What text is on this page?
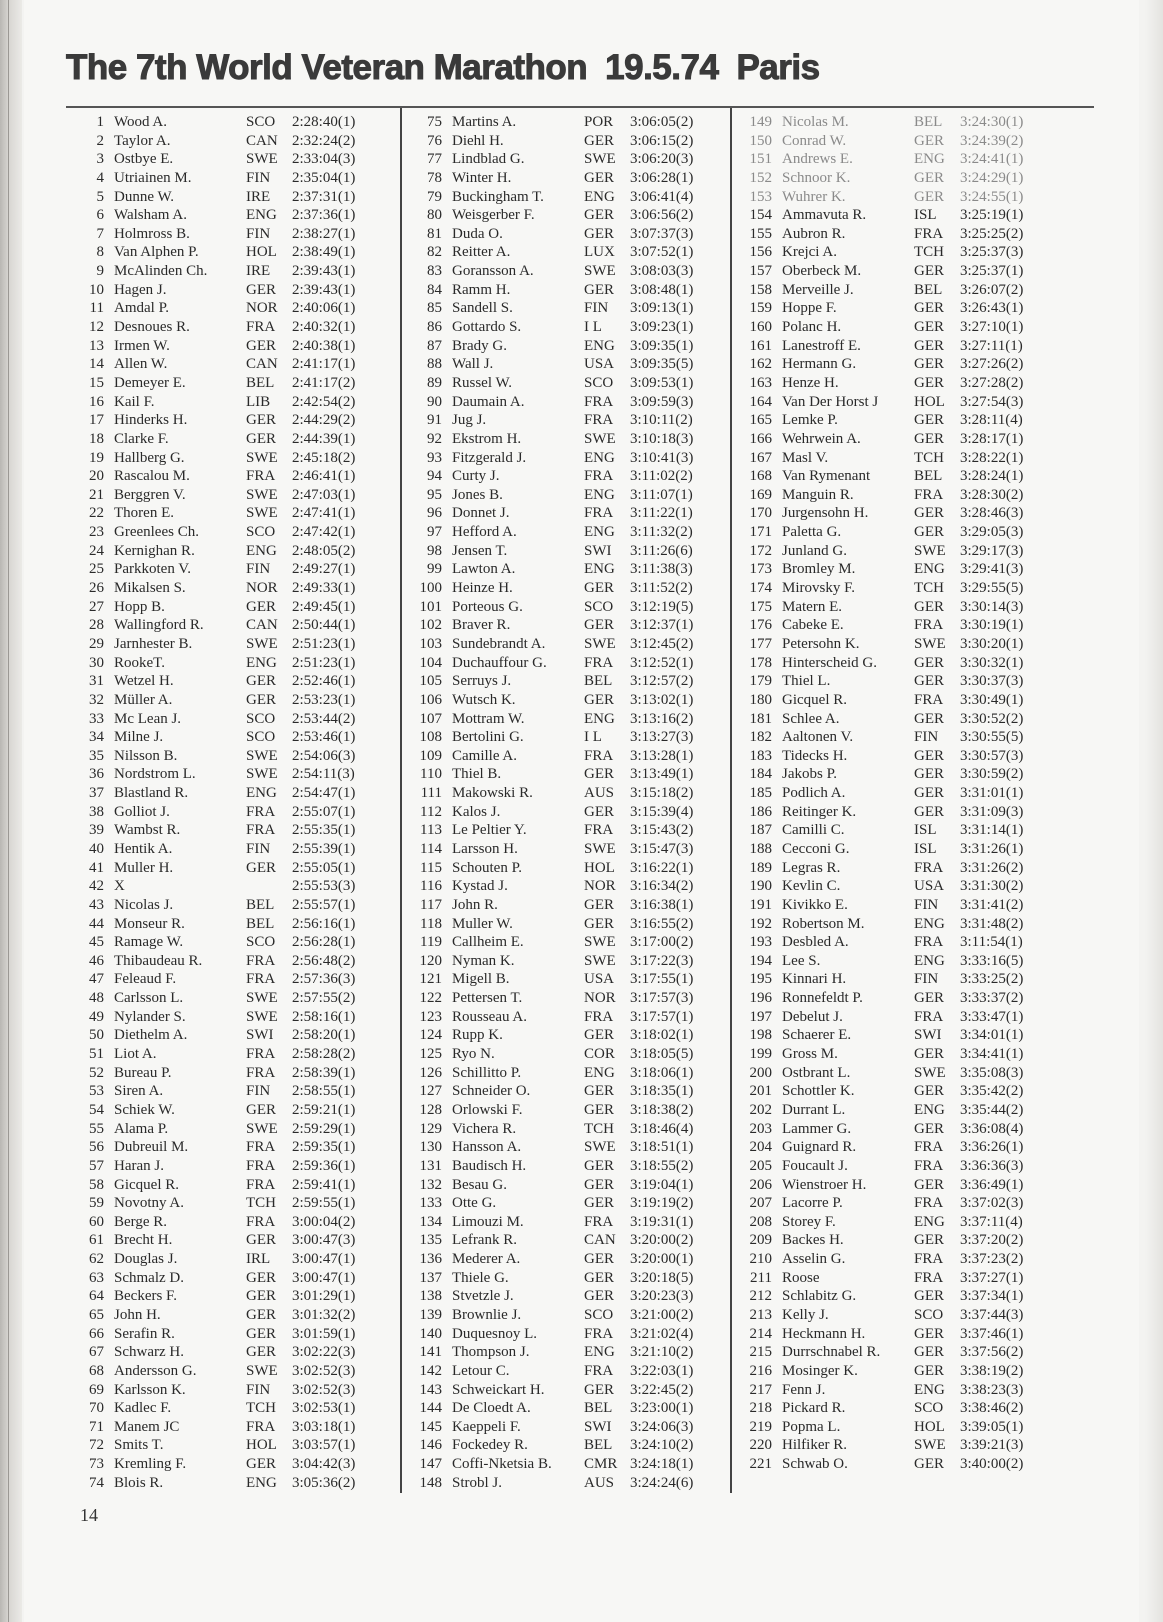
The 7th World Veteran Marathon 19.5.74 Paris
1 Wood A.	SCO	2:28:40(1)
2 Taylor A.	CAN 2:32:24(2)
3 Ostbye E.	SWE 2:33:04(3)
4 Utriainen M.	FIN	2:35:04(1)
5 Dunne W.	IRE	2:37:31(1)
6 Walsham A.	ENG	2:37:36(1)
7 Holmross B.	FIN	2:38:27(1)
8 Van Alphen P.	HOL	2:38:49(1)
9 McAlinden Ch.	IRE	2:39:43(1)
10 Hagen J.	GER	2:39:43(1)
11 Amdal P.	NOR 2:40:06(1)
12 Desnoues R.	FRA	2:40:32(1)
13 Irmen W.	GER	2:40:38(1)
14 Allen W.	CAN 2:41:17(1)
15 Demeyer E.	BEL	2:41:17(2)
16 Kail F.	LIB	2:42:54(2)
17 Hinderks H.	GER	2:44:29(2)
18 Clarke F.	GER	2:44:39(1)
19 Hallberg G.	SWE 2:45:18(2)
20 Rascalou M.	FRA	2:46:41(1)
21 Berggren V.	SWE 2:47:03(1)
22 Thoren E.	SWE 2:47:41(1)
23 Greenlees Ch.	SCO	2:47:42(1)
24 Kernighan R.	ENG	2:48:05(2)
25 Parkkoten V.	FIN	2:49:27(1)
26 Mikalsen S.	NOR 2:49:33(1)
27 Hopp B.	GER	2:49:45(1)
28 Wallingford R.	CAN 2:50:44(1)
29 Jarnhester B.	SWE 2:51:23(1)
30 RookeT.	ENG	2:51:23(1)
31 Wetzel H.	GER	2:52:46(1)
32 Müller A.	GER	2:53:23(1)
33 Mc Lean J.	SCO	2:53:44(2)
34 Milne J.	SCO	2:53:46(1)
35 Nilsson B.	SWE 2:54:06(3)
36 Nordstrom L.	SWE 2:54:11(3)
37 Blastland R.	ENG	2:54:47(1)
38 Golliot J.	FRA	2:55:07(1)
39 Wambst R.	FRA	2:55:35(1)
40 Hentik A.	FIN	2:55:39(1)
41 Muller H.	GER	2:55:05(1)
42 X	2:55:53(3)
43 Nicolas J.	BEL	2:55:57(1)
44 Monseur R.	BEL	2:56:16(1)
45 Ramage W.	SCO	2:56:28(1)
46 Thibaudeau R.	FRA	2:56:48(2)
47 Feleaud F.	FRA	2:57:36(3)
48 Carlsson L.	SWE 2:57:55(2)
49 Nylander S.	SWE 2:58:16(1)
50 Diethelm A.	SWI	2:58:20(1)
51 Liot A.	FRA	2:58:28(2)
52 Bureau P.	FRA	2:58:39(1)
53 Siren A.	FIN	2:58:55(1)
54 Schiek W.	GER	2:59:21(1)
55 Alama P.	SWE 2:59:29(1)
56 Dubreuil M.	FRA	2:59:35(1)
57 Haran J.	FRA	2:59:36(1)
58 Gicquel R.	FRA	2:59:41(1)
59 Novotny A.	TCH	2:59:55(1)
60 Berge R.	FRA	3:00:04(2)
61 Brecht H.	GER	3:00:47(3)
62 Douglas J.	IRL	3:00:47(1)
63 Schmalz D.	GER	3:00:47(1)
64 Beckers F.	GER	3:01:29(1)
65 John H.	GER	3:01:32(2)
66 Serafin R.	GER	3:01:59(1)
67 Schwarz H.	GER	3:02:22(3)
68 Andersson G.	SWE 3:02:52(3)
69 Karlsson K.	FIN	3:02:52(3)
70 Kadlec F.	TCH	3:02:53(1)
71 Manem JC	FRA	3:03:18(1)
72 Smits T.	HOL	3:03:57(1)
73 Kremling F.	GER	3:04:42(3)
74 Blois R.	ENG	3:05:36(2)
75 Martins A.	POR	3:06:05(2)
76 Diehl H.	GER	3:06:15(2)
77 Lindblad G.	SWE 3:06:20(3)
78 Winter H.	GER	3:06:28(1)
79 Buckingham T.	ENG	3:06:41(4)
80 Weisgerber F.	GER	3:06:56(2)
81 Duda O.	GER	3:07:37(3)
82 Reitter A.	LUX	3:07:52(1)
83 Goransson A.	SWE 3:08:03(3)
84 Ramm H.	GER	3:08:48(1)
85 Sandell S.	FIN	3:09:13(1)
86 Gottardo S.	I L	3:09:23(1)
87 Brady G.	ENG	3:09:35(1)
88 Wall J.	USA	3:09:35(5)
89 Russel W.	SCO	3:09:53(1)
90 Daumain A.	FRA	3:09:59(3)
91 Jug J.	FRA	3:10:11(2)
92 Ekstrom H.	SWE 3:10:18(3)
93 Fitzgerald J.	ENG	3:10:41(3)
94 Curty J.	FRA	3:11:02(2)
95 Jones B.	ENG	3:11:07(1)
96 Donnet J.	FRA	3:11:22(1)
97 Hefford A.	ENG	3:11:32(2)
98 Jensen T.	SWI	3:11:26(6)
99 Lawton A.	ENG	3:11:38(3)
100 Heinze H.	GER	3:11:52(2)
101 Porteous G.	SCO	3:12:19(5)
102 Braver R.	GER	3:12:37(1)
103 Sundebrandt A.	SWE 3:12:45(2)
104 Duchauffour G.	FRA	3:12:52(1)
105 Serruys J.	BEL	3:12:57(2)
106 Wutsch K.	GER	3:13:02(1)
107 Mottram W.	ENG	3:13:16(2)
108 Bertolini G.	I L	3:13:27(3)
109 Camille A.	FRA	3:13:28(1)
110 Thiel B.	GER	3:13:49(1)
111 Makowski R.	AUS	3:15:18(2)
112 Kalos J.	GER	3:15:39(4)
113 Le Peltier Y.	FRA	3:15:43(2)
114 Larsson H.	SWE 3:15:47(3)
115 Schouten P.	HOL	3:16:22(1)
116 Kystad J.	NOR 3:16:34(2)
117 John R.	GER	3:16:38(1)
118 Muller W.	GER	3:16:55(2)
119 Callheim E.	SWE 3:17:00(2)
120 Nyman K.	SWE 3:17:22(3)
121 Migell B.	USA	3:17:55(1)
122 Pettersen T.	NOR 3:17:57(3)
123 Rousseau A.	FRA	3:17:57(1)
124 Rupp K.	GER	3:18:02(1)
125 Ryo N.	COR	3:18:05(5)
126 Schillitto P.	ENG	3:18:06(1)
127 Schneider O.	GER	3:18:35(1)
128 Orlowski F.	GER	3:18:38(2)
129 Vichera R.	TCH	3:18:46(4)
130 Hansson A.	SWE 3:18:51(1)
131 Baudisch H.	GER	3:18:55(2)
132 Besau G.	GER	3:19:04(1)
133 Otte G.	GER	3:19:19(2)
134 Limouzi M.	FRA	3:19:31(1)
135 Lefrank R.	CAN 3:20:00(2)
136 Mederer A.	GER	3:20:00(1)
137 Thiele G.	GER	3:20:18(5)
138 Stvetzle J.	GER	3:20:23(3)
139 Brownlie J.	SCO	3:21:00(2)
140 Duquesnoy L.	FRA	3:21:02(4)
141 Thompson J.	ENG	3:21:10(2)
142 Letour C.	FRA	3:22:03(1)
143 Schweickart H.	GER	3:22:45(2)
144 De Cloedt A.	BEL	3:23:00(1)
145 Kaeppeli F.	SWI	3:24:06(3)
146 Fockedey R.	BEL	3:24:10(2)
147 Coffi-Nketsia B.	CMR 3:24:18(1)
148 Strobl J.	AUS	3:24:24(6)
149 Nicolas M.	BEL	3:24:30(1)
150 Conrad W.	GER	3:24:39(2)
151 Andrews E.	ENG	3:24:41(1)
152 Schnoor K.	GER	3:24:29(1)
153 Wuhrer K.	GER	3:24:55(1)
154 Ammavuta R.	ISL	3:25:19(1)
155 Aubron R.	FRA	3:25:25(2)
156 Krejci A.	TCH	3:25:37(3)
157 Oberbeck M.	GER	3:25:37(1)
158 Merveille J.	BEL	3:26:07(2)
159 Hoppe F.	GER	3:26:43(1)
160 Polanc H.	GER	3:27:10(1)
161 Lanestroff E.	GER	3:27:11(1)
162 Hermann G.	GER	3:27:26(2)
163 Henze H.	GER	3:27:28(2)
164 Van Der Horst J	HOL	3:27:54(3)
165 Lemke P.	GER	3:28:11(4)
166 Wehrwein A.	GER	3:28:17(1)
167 Masl V.	TCH	3:28:22(1)
168 Van Rymenant	BEL	3:28:24(1)
169 Manguin R.	FRA	3:28:30(2)
170 Jurgensohn H.	GER	3:28:46(3)
171 Paletta G.	GER	3:29:05(3)
172 Junland G.	SWE 3:29:17(3)
173 Bromley M.	ENG	3:29:41(3)
174 Mirovsky F.	TCH	3:29:55(5)
175 Matern E.	GER	3:30:14(3)
176 Cabeke E.	FRA	3:30:19(1)
177 Petersohn K.	SWE 3:30:20(1)
178 Hinterscheid G.	GER	3:30:32(1)
179 Thiel L.	GER	3:30:37(3)
180 Gicquel R.	FRA	3:30:49(1)
181 Schlee A.	GER	3:30:52(2)
182 Aaltonen V.	FIN	3:30:55(5)
183 Tidecks H.	GER	3:30:57(3)
184 Jakobs P.	GER	3:30:59(2)
185 Podlich A.	GER	3:31:01(1)
186 Reitinger K.	GER	3:31:09(3)
187 Camilli C.	ISL	3:31:14(1)
188 Cecconi G.	ISL	3:31:26(1)
189 Legras R.	FRA	3:31:26(2)
190 Kevlin C.	USA	3:31:30(2)
191 Kivikko E.	FIN	3:31:41(2)
192 Robertson M.	ENG	3:31:48(2)
193 Desbled A.	FRA	3:11:54(1)
194 Lee S.	ENG	3:33:16(5)
195 Kinnari H.	FIN	3:33:25(2)
196 Ronnefeldt P.	GER	3:33:37(2)
197 Debelut J.	FRA	3:33:47(1)
198 Schaerer E.	SWI	3:34:01(1)
199 Gross M.	GER	3:34:41(1)
200 Ostbrant L.	SWE 3:35:08(3)
201 Schottler K.	GER	3:35:42(2)
202 Durrant L.	ENG	3:35:44(2)
203 Lammer G.	GER	3:36:08(4)
204 Guignard R.	FRA	3:36:26(1)
205 Foucault J.	FRA	3:36:36(3)
206 Wienstroer H.	GER	3:36:49(1)
207 Lacorre P.	FRA	3:37:02(3)
208 Storey F.	ENG	3:37:11(4)
209 Backes H.	GER	3:37:20(2)
210 Asselin G.	FRA	3:37:23(2)
211 Roose	FRA	3:37:27(1)
212 Schlabitz G.	GER	3:37:34(1)
213 Kelly J.	SCO	3:37:44(3)
214 Heckmann H.	GER	3:37:46(1)
215 Durrschnabel R.	GER	3:37:56(2)
216 Mosinger K.	GER	3:38:19(2)
217 Fenn J.	ENG	3:38:23(3)
218 Pickard R.	SCO	3:38:46(2)
219 Popma L.	HOL	3:39:05(1)
220 Hilfiker R.	SWE 3:39:21(3)
221 Schwab O.	GER	3:40:00(2)
14
